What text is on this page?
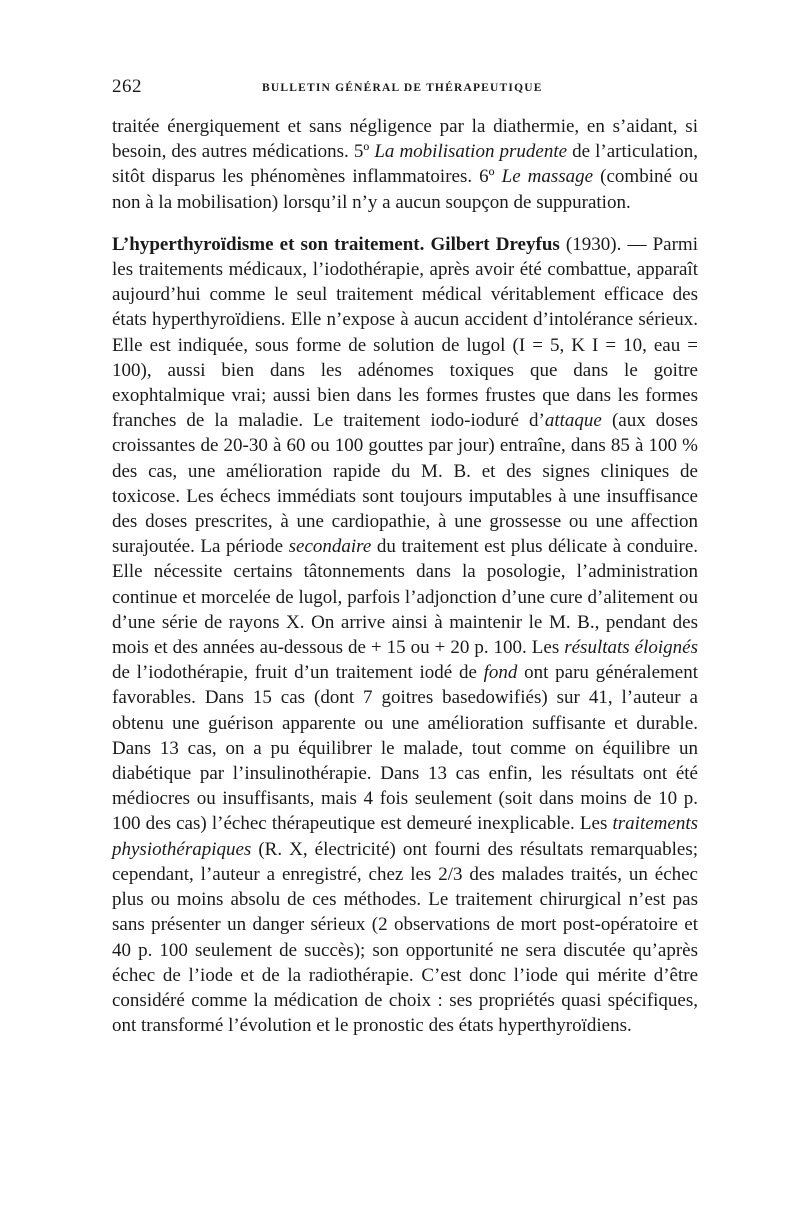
262	BULLETIN GÉNÉRAL DE THÉRAPEUTIQUE

traitée énergiquement et sans négligence par la diathermie, en s’aidant, si besoin, des autres médications. 5º La mobilisation prudente de l’articulation, sitôt disparus les phénomènes inflammatoires. 6º Le massage (combiné ou non à la mobilisation) lorsqu’il n’y a aucun soupçon de suppuration.

L’hyperthyroïdisme et son traitement. Gilbert Dreyfus (1930). — Parmi les traitements médicaux, l’iodothérapie, après avoir été combattue, apparaît aujourd’hui comme le seul traitement médical véritablement efficace des états hyperthyroïdiens. Elle n’expose à aucun accident d’intolérance sérieux. Elle est indiquée, sous forme de solution de lugol (I = 5, K I = 10, eau = 100), aussi bien dans les adénomes toxiques que dans le goitre exophtalmique vrai; aussi bien dans les formes frustes que dans les formes franches de la maladie. Le traitement iodo-ioduré d’attaque (aux doses croissantes de 20-30 à 60 ou 100 gouttes par jour) entraîne, dans 85 à 100 % des cas, une amélioration rapide du M. B. et des signes cliniques de toxicose. Les échecs immédiats sont toujours imputables à une insuffisance des doses prescrites, à une cardiopathie, à une grossesse ou une affection surajoutée. La période secondaire du traitement est plus délicate à conduire. Elle nécessite certains tâtonnements dans la posologie, l’administration continue et morcelée de lugol, parfois l’adjonction d’une cure d’alitement ou d’une série de rayons X. On arrive ainsi à maintenir le M. B., pendant des mois et des années au-dessous de + 15 ou + 20 p. 100. Les résultats éloignés de l’iodothérapie, fruit d’un traitement iodé de fond ont paru généralement favorables. Dans 15 cas (dont 7 goitres basedowifiés) sur 41, l’auteur a obtenu une guérison apparente ou une amélioration suffisante et durable. Dans 13 cas, on a pu équilibrer le malade, tout comme on équilibre un diabétique par l’insulinothérapie. Dans 13 cas enfin, les résultats ont été médiocres ou insuffisants, mais 4 fois seulement (soit dans moins de 10 p. 100 des cas) l’échec thérapeutique est demeuré inexplicable. Les traitements physiothérapiques (R. X, électricité) ont fourni des résultats remarquables; cependant, l’auteur a enregistré, chez les 2/3 des malades traités, un échec plus ou moins absolu de ces méthodes. Le traitement chirurgical n’est pas sans présenter un danger sérieux (2 observations de mort post-opératoire et 40 p. 100 seulement de succès); son opportunité ne sera discutée qu’après échec de l’iode et de la radiothérapie. C’est donc l’iode qui mérite d’être considéré comme la médication de choix : ses propriétés quasi spécifiques, ont transformé l’évolution et le pronostic des états hyperthyroïdiens.
